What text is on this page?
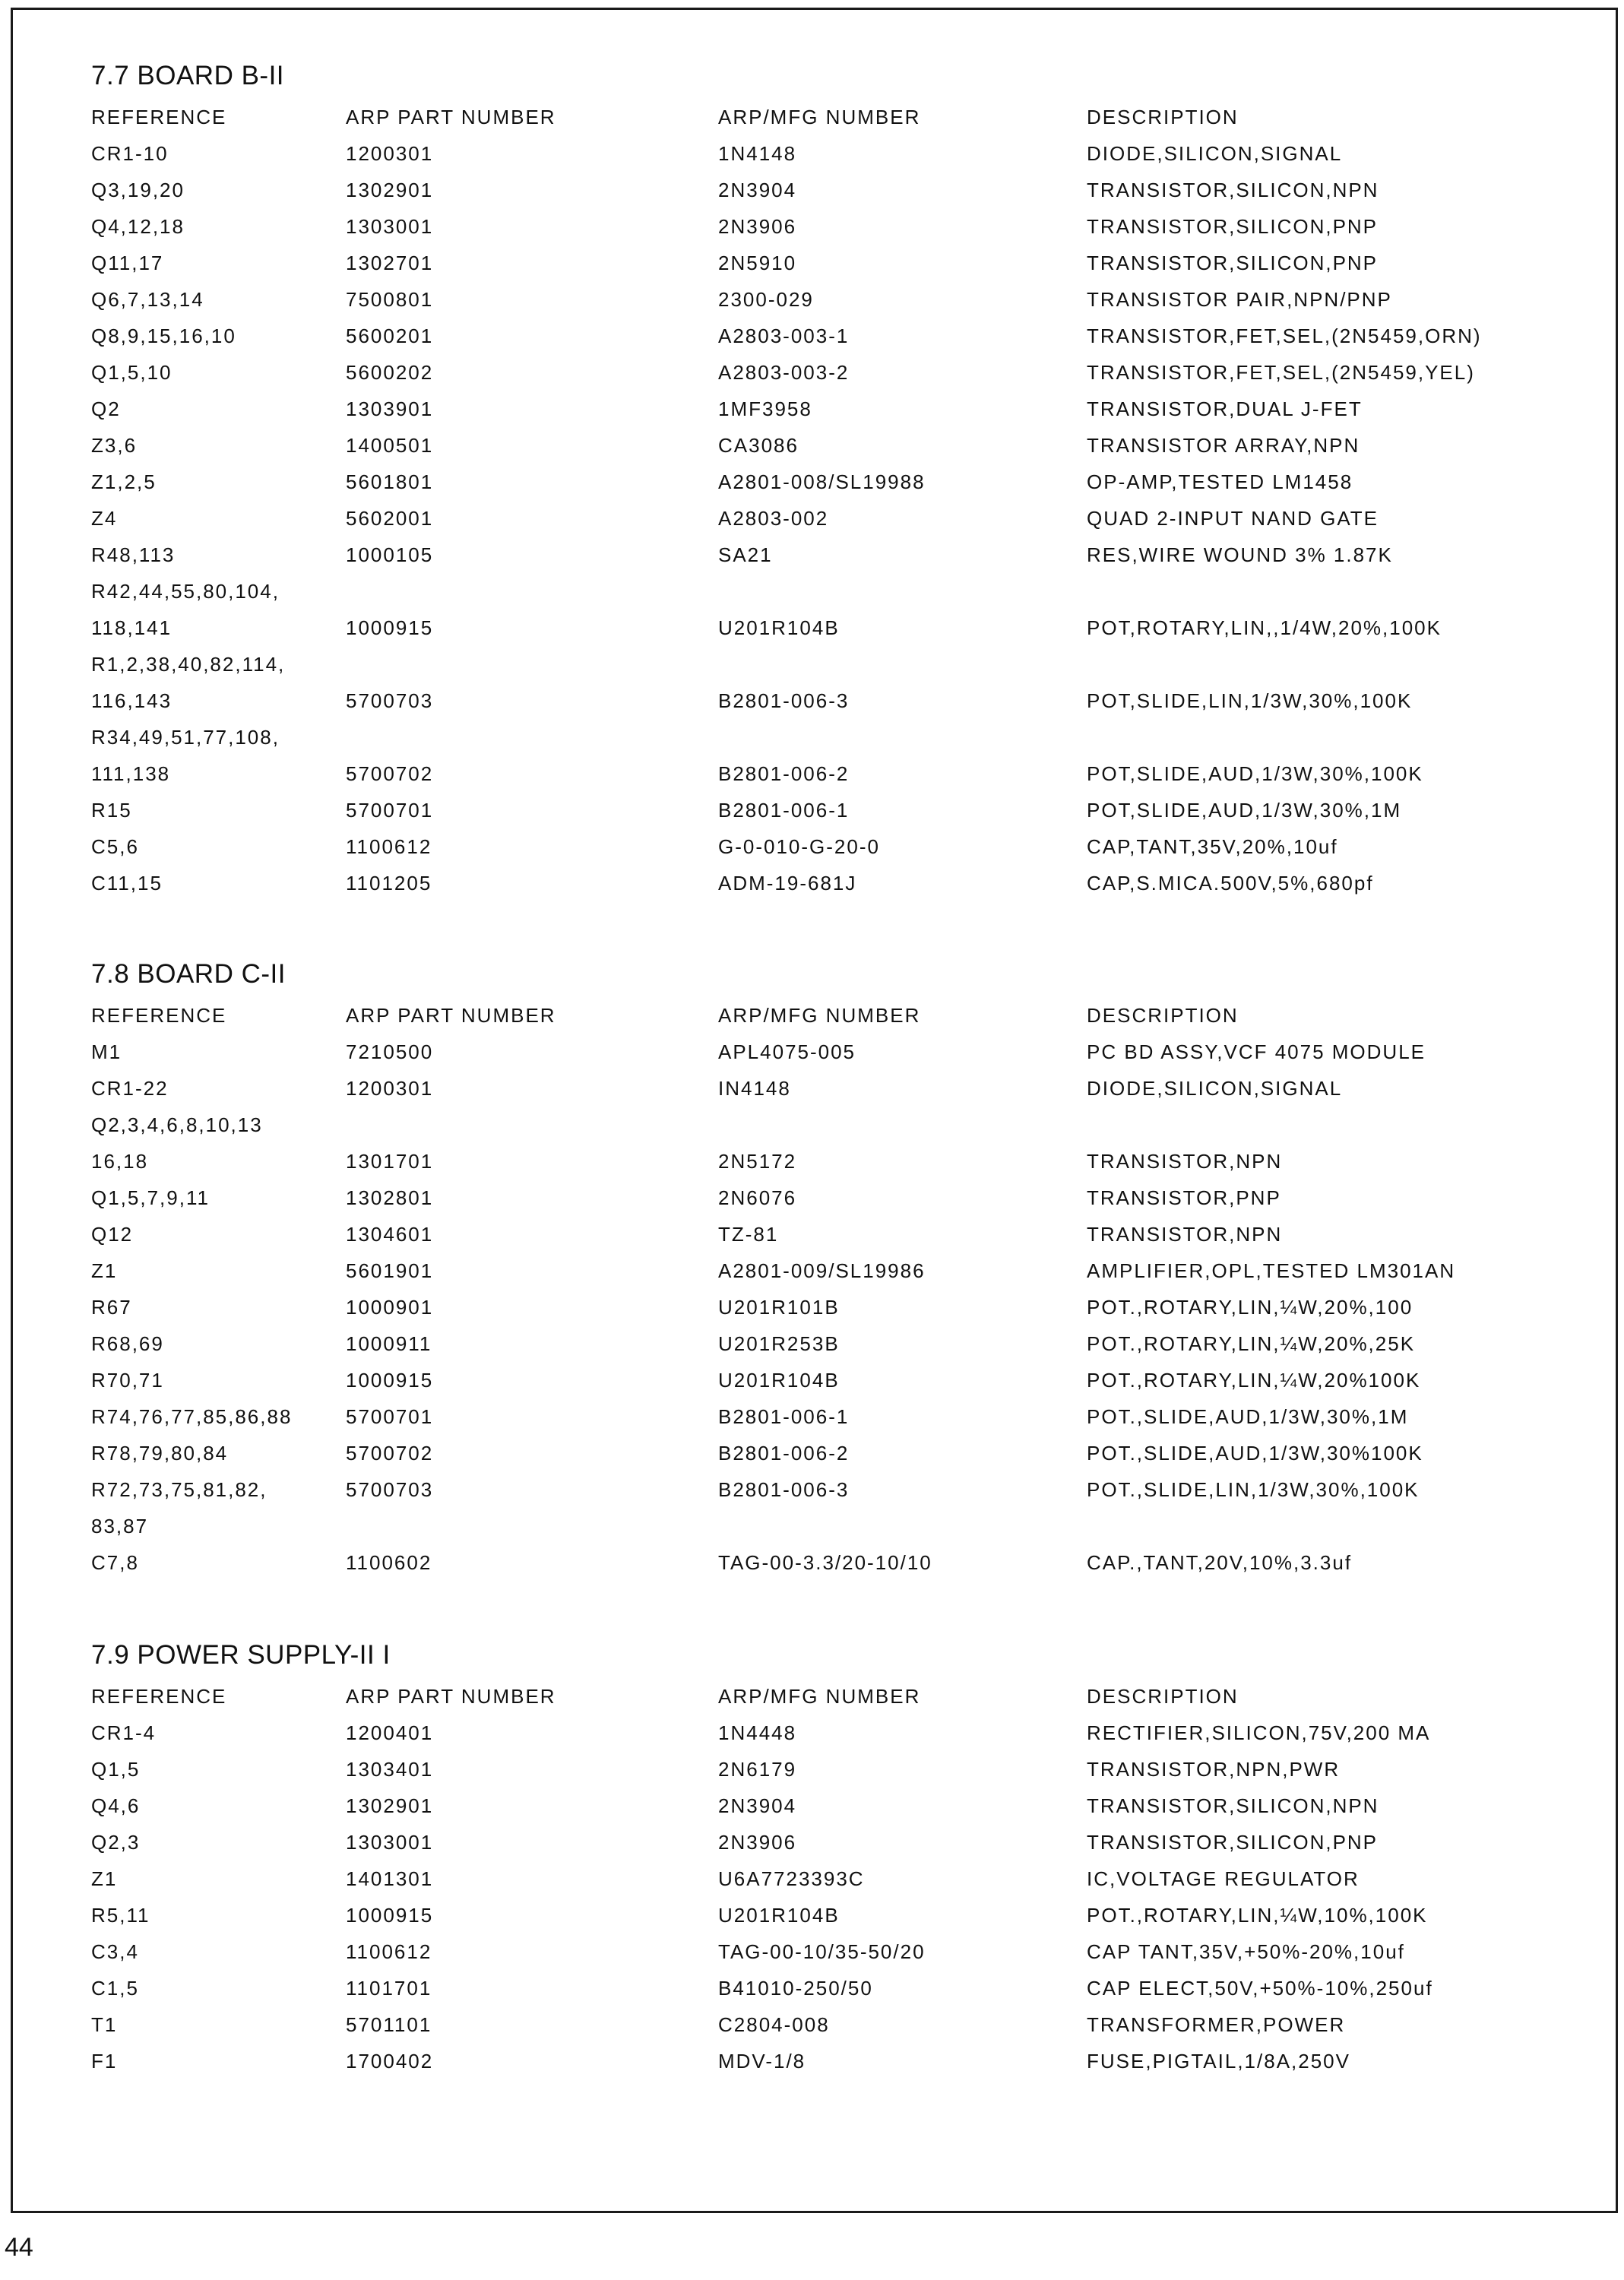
7.7 BOARD B-II
REFERENCE	ARP PART NUMBER	ARP/MFG NUMBER	DESCRIPTION
CR1-10	1200301	1N4148	DIODE,SILICON,SIGNAL
Q3,19,20	1302901	2N3904	TRANSISTOR,SILICON,NPN
Q4,12,18	1303001	2N3906	TRANSISTOR,SILICON,PNP
Q11,17	1302701	2N5910	TRANSISTOR,SILICON,PNP
Q6,7,13,14	7500801	2300-029	TRANSISTOR PAIR,NPN/PNP
Q8,9,15,16,10	5600201	A2803-003-1	TRANSISTOR,FET,SEL,(2N5459,ORN)
Q1,5,10	5600202	A2803-003-2	TRANSISTOR,FET,SEL,(2N5459,YEL)
Q2	1303901	1MF3958	TRANSISTOR,DUAL J-FET
Z3,6	1400501	CA3086	TRANSISTOR ARRAY,NPN
Z1,2,5	5601801	A2801-008/SL19988	OP-AMP,TESTED LM1458
Z4	5602001	A2803-002	QUAD 2-INPUT NAND GATE
R48,113	1000105	SA21	RES,WIRE WOUND 3% 1.87K
R42,44,55,80,104,
118,141	1000915	U201R104B	POT,ROTARY,LIN,,1/4W,20%,100K
R1,2,38,40,82,114,
116,143	5700703	B2801-006-3	POT,SLIDE,LIN,1/3W,30%,100K
R34,49,51,77,108,
111,138	5700702	B2801-006-2	POT,SLIDE,AUD,1/3W,30%,100K
R15	5700701	B2801-006-1	POT,SLIDE,AUD,1/3W,30%,1M
C5,6	1100612	G-0-010-G-20-0	CAP,TANT,35V,20%,10uf
C11,15	1101205	ADM-19-681J	CAP,S.MICA.500V,5%,680pf
7.8 BOARD C-II
REFERENCE	ARP PART NUMBER	ARP/MFG NUMBER	DESCRIPTION
M1	7210500	APL4075-005	PC BD ASSY,VCF 4075 MODULE
CR1-22	1200301	IN4148	DIODE,SILICON,SIGNAL
Q2,3,4,6,8,10,13
16,18	1301701	2N5172	TRANSISTOR,NPN
Q1,5,7,9,11	1302801	2N6076	TRANSISTOR,PNP
Q12	1304601	TZ-81	TRANSISTOR,NPN
Z1	5601901	A2801-009/SL19986	AMPLIFIER,OPL,TESTED LM301AN
R67	1000901	U201R101B	POT.,ROTARY,LIN,¼W,20%,100
R68,69	1000911	U201R253B	POT.,ROTARY,LIN,¼W,20%,25K
R70,71	1000915	U201R104B	POT.,ROTARY,LIN,¼W,20%100K
R74,76,77,85,86,88	5700701	B2801-006-1	POT.,SLIDE,AUD,1/3W,30%,1M
R78,79,80,84	5700702	B2801-006-2	POT.,SLIDE,AUD,1/3W,30%100K
R72,73,75,81,82,	5700703	B2801-006-3	POT.,SLIDE,LIN,1/3W,30%,100K
83,87
C7,8	1100602	TAG-00-3.3/20-10/10	CAP.,TANT,20V,10%,3.3uf
7.9 POWER SUPPLY-II I
REFERENCE	ARP PART NUMBER	ARP/MFG NUMBER	DESCRIPTION
CR1-4	1200401	1N4448	RECTIFIER,SILICON,75V,200 MA
Q1,5	1303401	2N6179	TRANSISTOR,NPN,PWR
Q4,6	1302901	2N3904	TRANSISTOR,SILICON,NPN
Q2,3	1303001	2N3906	TRANSISTOR,SILICON,PNP
Z1	1401301	U6A7723393C	IC,VOLTAGE REGULATOR
R5,11	1000915	U201R104B	POT.,ROTARY,LIN,¼W,10%,100K
C3,4	1100612	TAG-00-10/35-50/20	CAP TANT,35V,+50%-20%,10uf
C1,5	1101701	B41010-250/50	CAP ELECT,50V,+50%-10%,250uf
T1	5701101	C2804-008	TRANSFORMER,POWER
F1	1700402	MDV-1/8	FUSE,PIGTAIL,1/8A,250V
44
